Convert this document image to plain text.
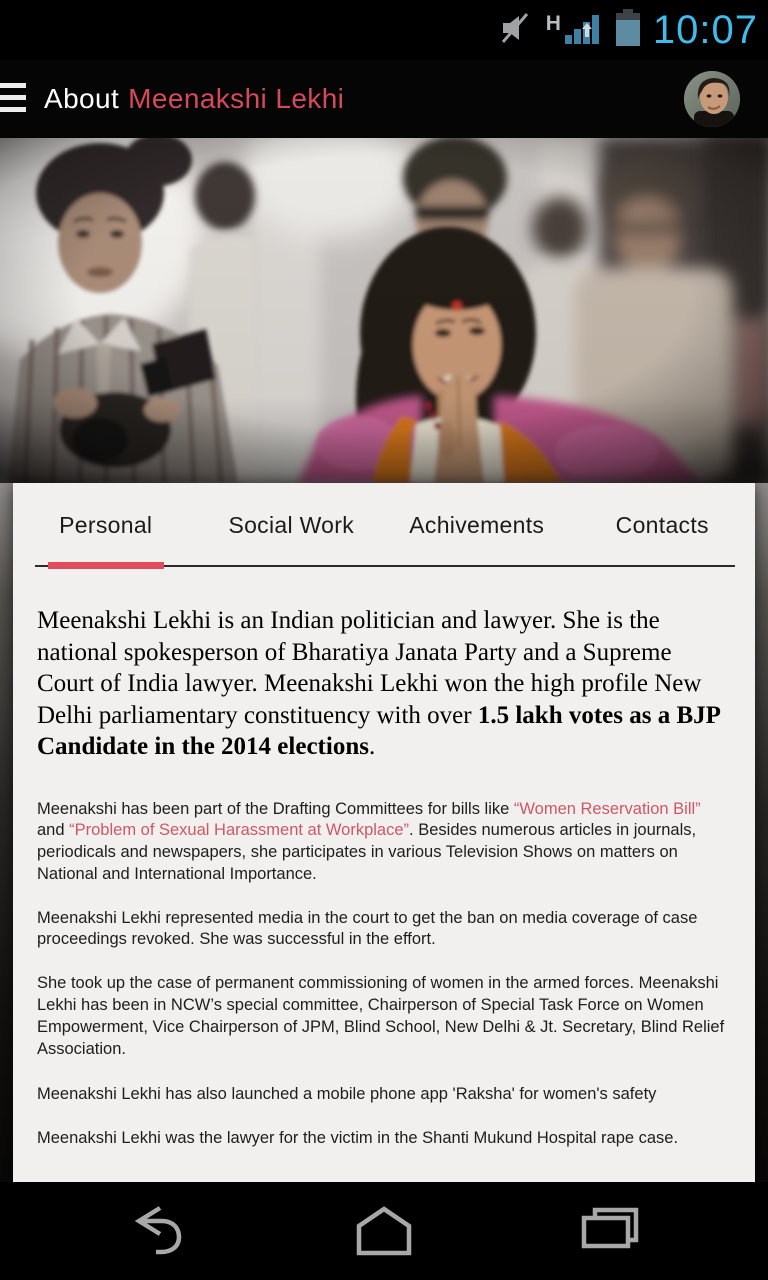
H 10:07
About Meenakshi Lekhi
Personal	Social Work Achivements	Contacts

Meenakshi Lekhi is an Indian politician and lawyer. She is the national spokesperson of Bharatiya Janata Party and a Supreme Court of India lawyer. Meenakshi Lekhi won the high profile New Delhi parliamentary constituency with over 1.5 lakh votes as a BJP Candidate in the 2014 elections.

Meenakshi has been part of the Drafting Committees for bills like “Women Reservation Bill” and “Problem of Sexual Harassment at Workplace”. Besides numerous articles in journals, periodicals and newspapers, she participates in various Television Shows on matters on National and International Importance.

Meenakshi Lekhi represented media in the court to get the ban on media coverage of case proceedings revoked. She was successful in the effort.

She took up the case of permanent commissioning of women in the armed forces. Meenakshi Lekhi has been in NCW’s special committee, Chairperson of Special Task Force on Women Empowerment, Vice Chairperson of JPM, Blind School, New Delhi & Jt. Secretary, Blind Relief Association.

Meenakshi Lekhi has also launched a mobile phone app 'Raksha' for women's safety

Meenakshi Lekhi was the lawyer for the victim in the Shanti Mukund Hospital rape case.
